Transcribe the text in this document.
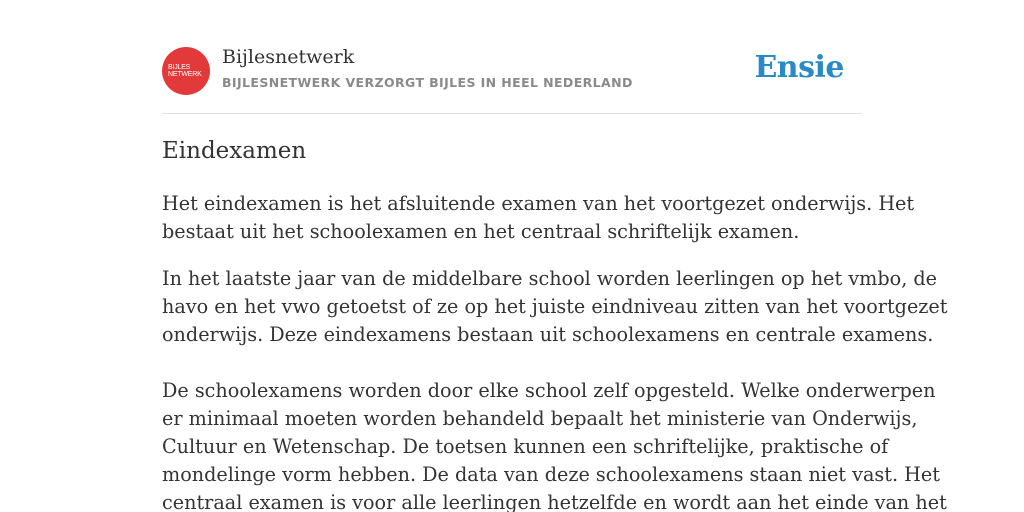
BIJLES
NETWERK
Bijlesnetwerk
BIJLESNETWERK VERZORGT BIJLES IN HEEL NEDERLAND	Ensie
Eindexamen

Het eindexamen is het afsluitende examen van het voortgezet onderwijs. Het

bestaat uit het schoolexamen en het centraal schriftelijk examen.

In het laatste jaar van de middelbare school worden leerlingen op het vmbo, de

havo en het vwo getoetst of ze op het juiste eindniveau zitten van het voortgezet

onderwijs. Deze eindexamens bestaan uit schoolexamens en centrale examens.

De schoolexamens worden door elke school zelf opgesteld. Welke onderwerpen

er minimaal moeten worden behandeld bepaalt het ministerie van Onderwijs,

Cultuur en Wetenschap. De toetsen kunnen een schriftelijke, praktische of

mondelinge vorm hebben. De data van deze schoolexamens staan niet vast. Het

centraal examen is voor alle leerlingen hetzelfde en wordt aan het einde van het
